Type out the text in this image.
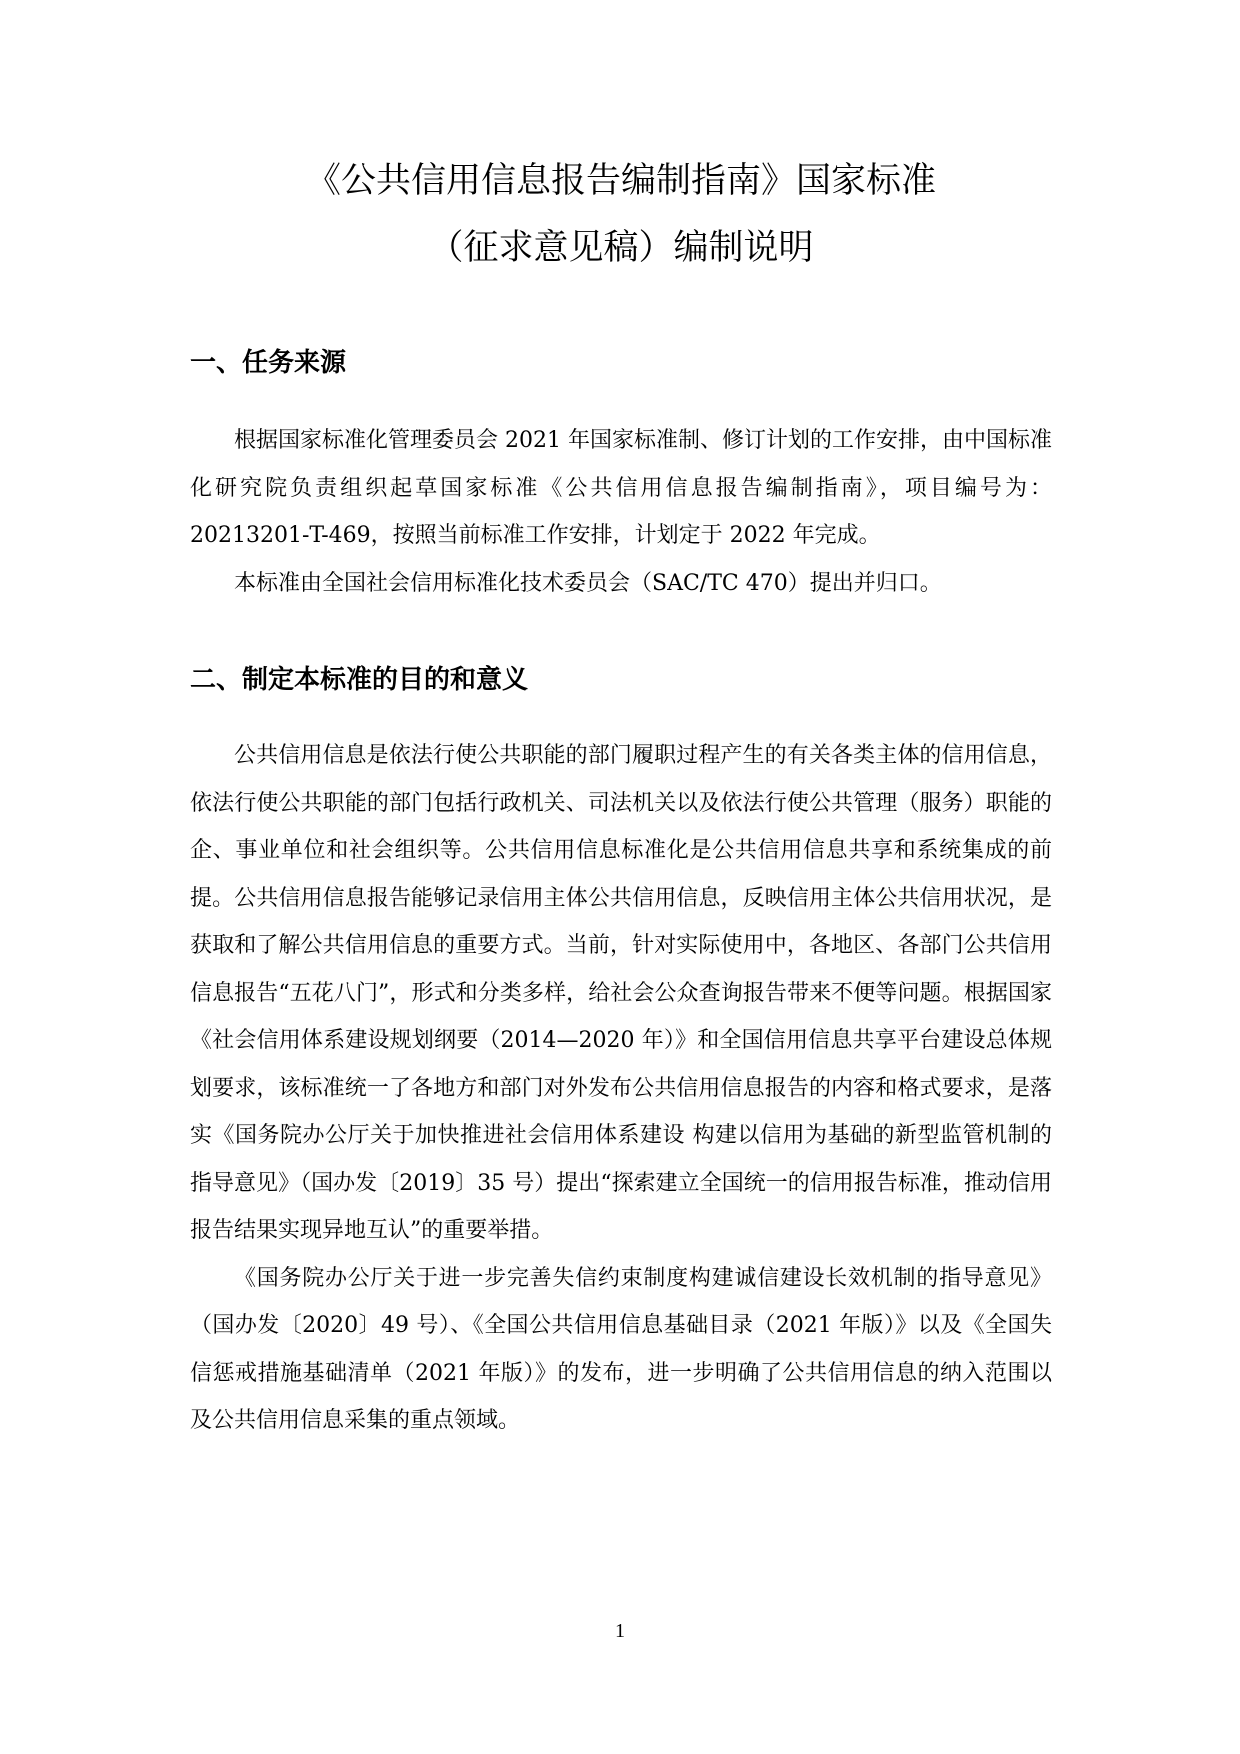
《公共信用信息报告编制指南》国家标准
（征求意见稿）编制说明
一、任务来源

根据国家标准化管理委员会 2021 年国家标准制、修订计划的工作安排，由中国标准化研究院负责组织起草国家标准《公共信用信息报告编制指南》，项目编号为：20213201-T-469，按照当前标准工作安排，计划定于 2022 年完成。

本标准由全国社会信用标准化技术委员会（SAC/TC 470）提出并归口。

二、制定本标准的目的和意义

公共信用信息是依法行使公共职能的部门履职过程产生的有关各类主体的信用信息，依法行使公共职能的部门包括行政机关、司法机关以及依法行使公共管理（服务）职能的企、事业单位和社会组织等。公共信用信息标准化是公共信用信息共享和系统集成的前提。公共信用信息报告能够记录信用主体公共信用信息，反映信用主体公共信用状况，是获取和了解公共信用信息的重要方式。当前，针对实际使用中，各地区、各部门公共信用信息报告“五花八门”，形式和分类多样，给社会公众查询报告带来不便等问题。根据国家《社会信用体系建设规划纲要（2014—2020 年）》和全国信用信息共享平台建设总体规划要求，该标准统一了各地方和部门对外发布公共信用信息报告的内容和格式要求，是落实《国务院办公厅关于加快推进社会信用体系建设 构建以信用为基础的新型监管机制的指导意见》（国办发〔2019〕35 号）提出“探索建立全国统一的信用报告标准，推动信用报告结果实现异地互认”的重要举措。

《国务院办公厅关于进一步完善失信约束制度构建诚信建设长效机制的指导意见》（国办发〔2020〕49 号）、《全国公共信用信息基础目录（2021 年版）》以及《全国失信惩戒措施基础清单（2021 年版）》的发布，进一步明确了公共信用信息的纳入范围以及公共信用信息采集的重点领域。

1
